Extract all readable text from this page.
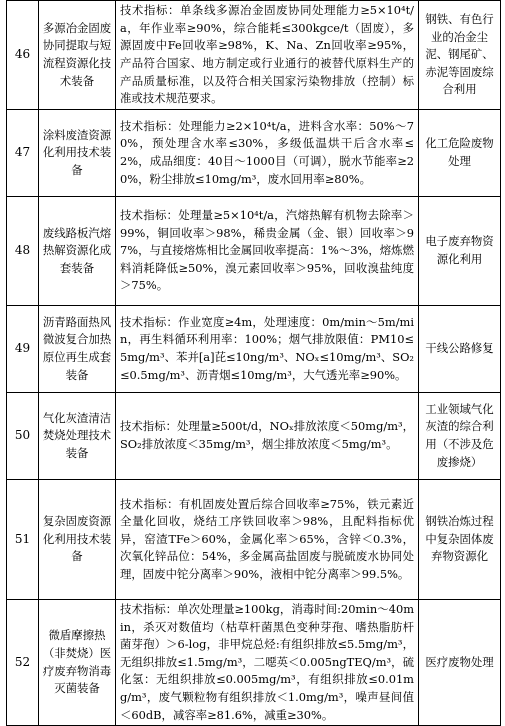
46	多源冶金固废协同提取与短流程资源化技术装备	技术指标：单条线多源冶金固废协同处理能力≥5×10⁴t/a，年作业率≥90%，综合能耗≤300kgce/t（固废），多源固废中Fe回收率≥98%，K、Na、Zn回收率≥95%，产品符合国家、地方制定或行业通行的被替代原料生产的产品质量标准，以及符合相关国家污染物排放（控制）标准或技术规范要求。	钢铁、有色行业的冶金尘泥、钢尾矿、赤泥等固废综合利用
47	涂料废渣资源化利用技术装备	技术指标：处理能力≥2×10⁴t/a，进料含水率：50%～70%，预处理含水率≤30%，多级低温烘干后含水率≤2%，成品细度：40目～1000目（可调），脱水节能率≥20%，粉尘排放≤10mg/m³，废水回用率≥80%。	化工危险废物处理
48	废线路板汽熔热解资源化成套装备	技术指标：处理量≥5×10⁴t/a，汽熔热解有机物去除率＞99%，铜回收率＞98%，稀贵金属（金、银）回收率＞97%，与直接熔炼相比金属回收率提高：1%～3%，熔炼燃料消耗降低≥50%，溴元素回收率＞95%，回收溴盐纯度＞75%。	电子废弃物资源化利用
49	沥青路面热风微波复合加热原位再生成套装备	技术指标：作业宽度≥4m，处理速度：0m/min～5m/min，再生料循环利用率：100%；烟气排放限值：PM10≤5mg/m³、苯并[a]芘≤10ng/m³、NOₓ≤10mg/m³、SO₂≤0.5mg/m³、沥青烟≤10mg/m³，大气透光率≥90%。	干线公路修复
50	气化灰渣清洁焚烧处理技术装备	技术指标：处理量≥500t/d，NOₓ排放浓度＜50mg/m³，SO₂排放浓度＜35mg/m³，烟尘排放浓度＜5mg/m³。	工业领域气化灰渣的综合利用（不涉及危废掺烧）
51	复杂固废资源化利用技术装备	技术指标：有机固废处置后综合回收率≥75%，铁元素近全量化回收，烧结工序铁回收率＞98%，且配料指标优异，窑渣TFe＞60%，金属化率＞65%，含锌＜0.3%，次氧化锌品位：54%，多金属高盐固废与脱硫废水协同处理，固废中铊分离率＞90%，液相中铊分离率＞99.5%。	钢铁冶炼过程中复杂固体废弃物资源化
52	微盾摩擦热（非焚烧）医疗废弃物消毒灭菌装备	技术指标：单次处理量≥100kg，消毒时间:20min～40min，杀灭对数值均（枯草杆菌黑色变种芽孢、嗜热脂肪杆菌芽孢）＞6-log，非甲烷总烃:有组织排放≤5.5mg/m³，无组织排放≤1.5mg/m³，二噁英＜0.005ngTEQ/m³，硫化氢：无组织排放≤0.005mg/m³，有组织排放≤0.01mg/m³，废气颗粒物有组织排放＜1.0mg/m³，噪声昼间值＜60dB，减容率≥81.6%，减重≥30%。	医疗废物处理
